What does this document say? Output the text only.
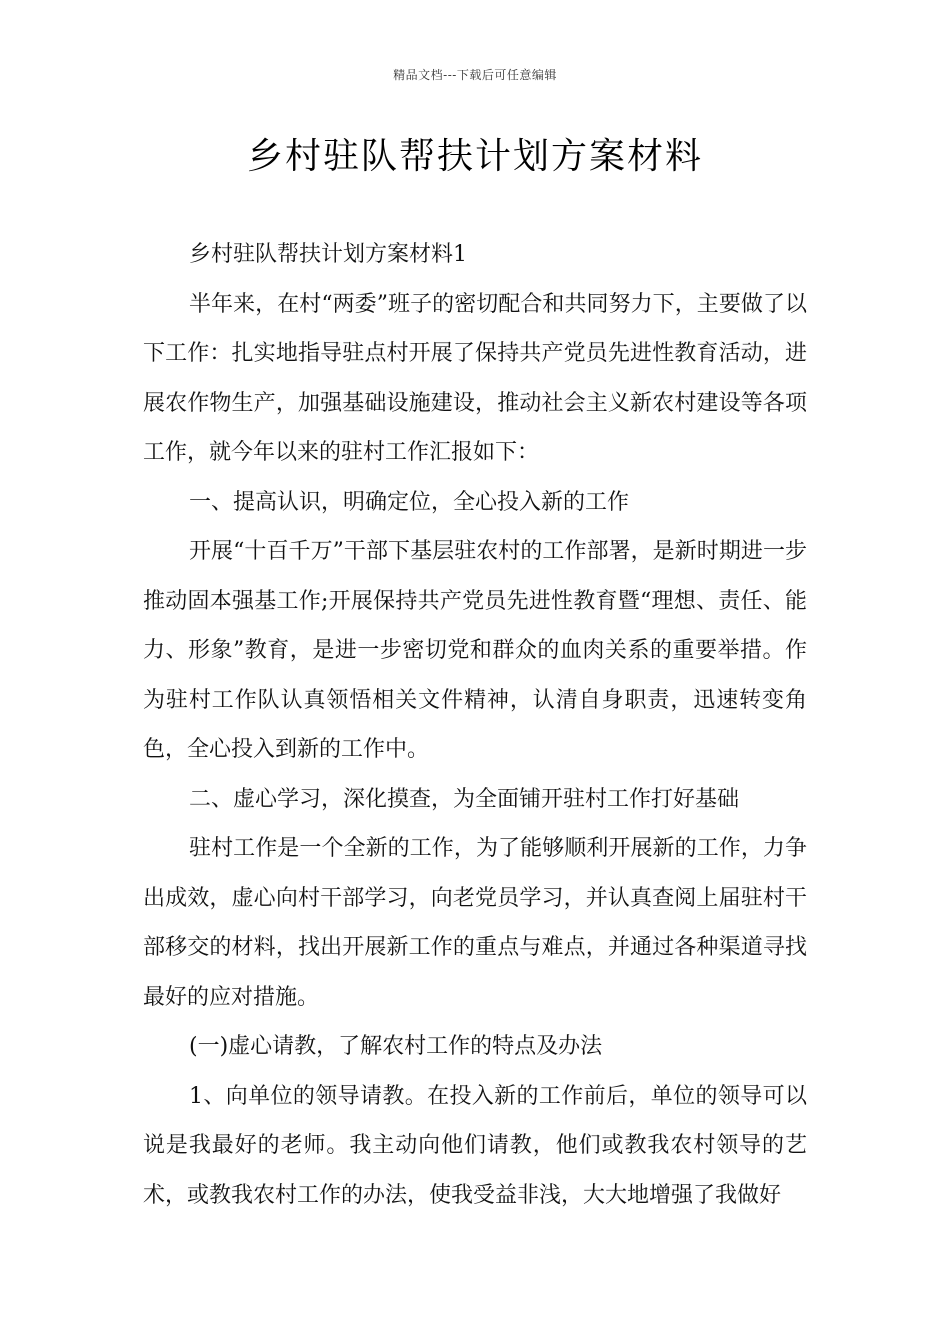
精品文档---下载后可任意编辑
乡村驻队帮扶计划方案材料

乡村驻队帮扶计划方案材料1

半年来，在村“两委”班子的密切配合和共同努力下，主要做了以下工作：扎实地指导驻点村开展了保持共产党员先进性教育活动，进展农作物生产，加强基础设施建设，推动社会主义新农村建设等各项工作，就今年以来的驻村工作汇报如下：

一、提高认识，明确定位，全心投入新的工作

开展“十百千万”干部下基层驻农村的工作部署，是新时期进一步推动固本强基工作;开展保持共产党员先进性教育暨“理想、责任、能力、形象”教育，是进一步密切党和群众的血肉关系的重要举措。作为驻村工作队认真领悟相关文件精神，认清自身职责，迅速转变角色，全心投入到新的工作中。

二、虚心学习，深化摸查，为全面铺开驻村工作打好基础

驻村工作是一个全新的工作，为了能够顺利开展新的工作，力争出成效，虚心向村干部学习，向老党员学习，并认真查阅上届驻村干部移交的材料，找出开展新工作的重点与难点，并通过各种渠道寻找最好的应对措施。

(一)虚心请教，了解农村工作的特点及办法

1、向单位的领导请教。在投入新的工作前后，单位的领导可以说是我最好的老师。我主动向他们请教，他们或教我农村领导的艺术，或教我农村工作的办法，使我受益非浅，大大地增强了我做好
